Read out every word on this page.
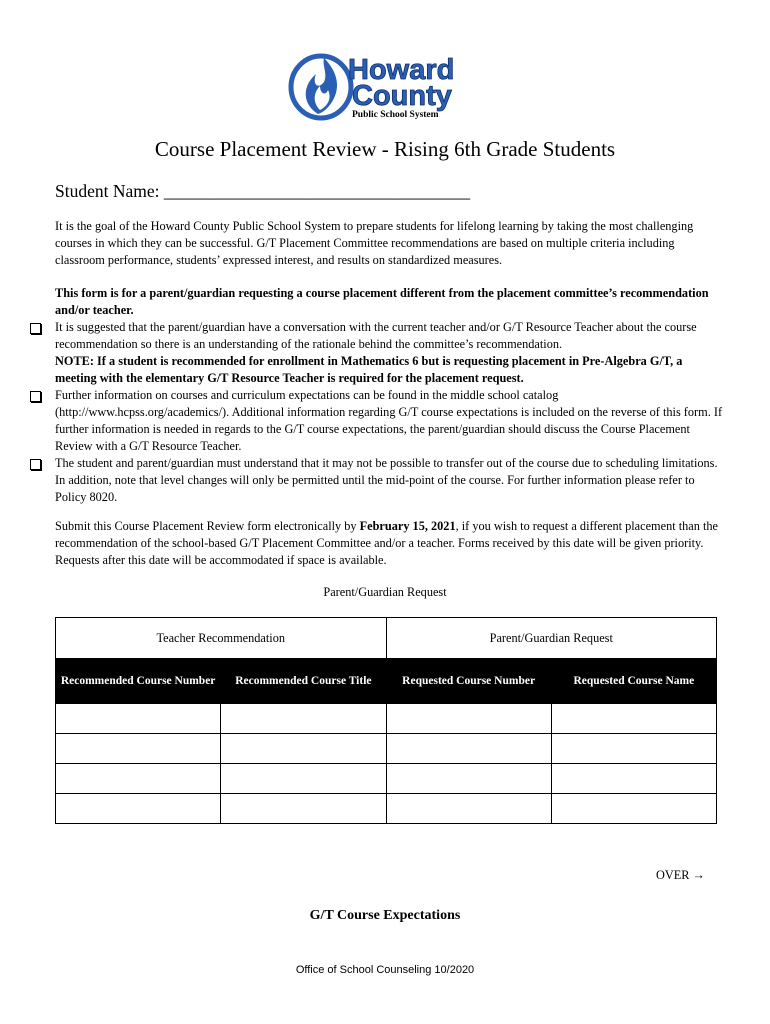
Howard
County
Public School System
Course Placement Review - Rising 6th Grade Students
Student Name: ___________________________________
It is the goal of the Howard County Public School System to prepare students for lifelong learning by taking the most challenging courses in which they can be successful. G/T Placement Committee recommendations are based on multiple criteria including classroom performance, students’ expressed interest, and results on standardized measures.
This form is for a parent/guardian requesting a course placement different from the placement committee’s recommendation and/or teacher.
It is suggested that the parent/guardian have a conversation with the current teacher and/or G/T Resource Teacher about the course recommendation so there is an understanding of the rationale behind the committee’s recommendation.
NOTE: If a student is recommended for enrollment in Mathematics 6 but is requesting placement in Pre-Algebra G/T, a meeting with the elementary G/T Resource Teacher is required for the placement request.
Further information on courses and curriculum expectations can be found in the middle school catalog (http://www.hcpss.org/academics/). Additional information regarding G/T course expectations is included on the reverse of this form. If further information is needed in regards to the G/T course expectations, the parent/guardian should discuss the Course Placement Review with a G/T Resource Teacher.
The student and parent/guardian must understand that it may not be possible to transfer out of the course due to scheduling limitations. In addition, note that level changes will only be permitted until the mid-point of the course. For further information please refer to Policy 8020.
Submit this Course Placement Review form electronically by February 15, 2021, if you wish to request a different placement than the recommendation of the school-based G/T Placement Committee and/or a teacher. Forms received by this date will be given priority. Requests after this date will be accommodated if space is available.
Parent/Guardian Request
Teacher Recommendation		Parent/Guardian Request	
Recommended Course Number	Recommended Course Title	Requested Course Number	Requested Course Name

OVER →
G/T Course Expectations
Office of School Counseling 10/2020
